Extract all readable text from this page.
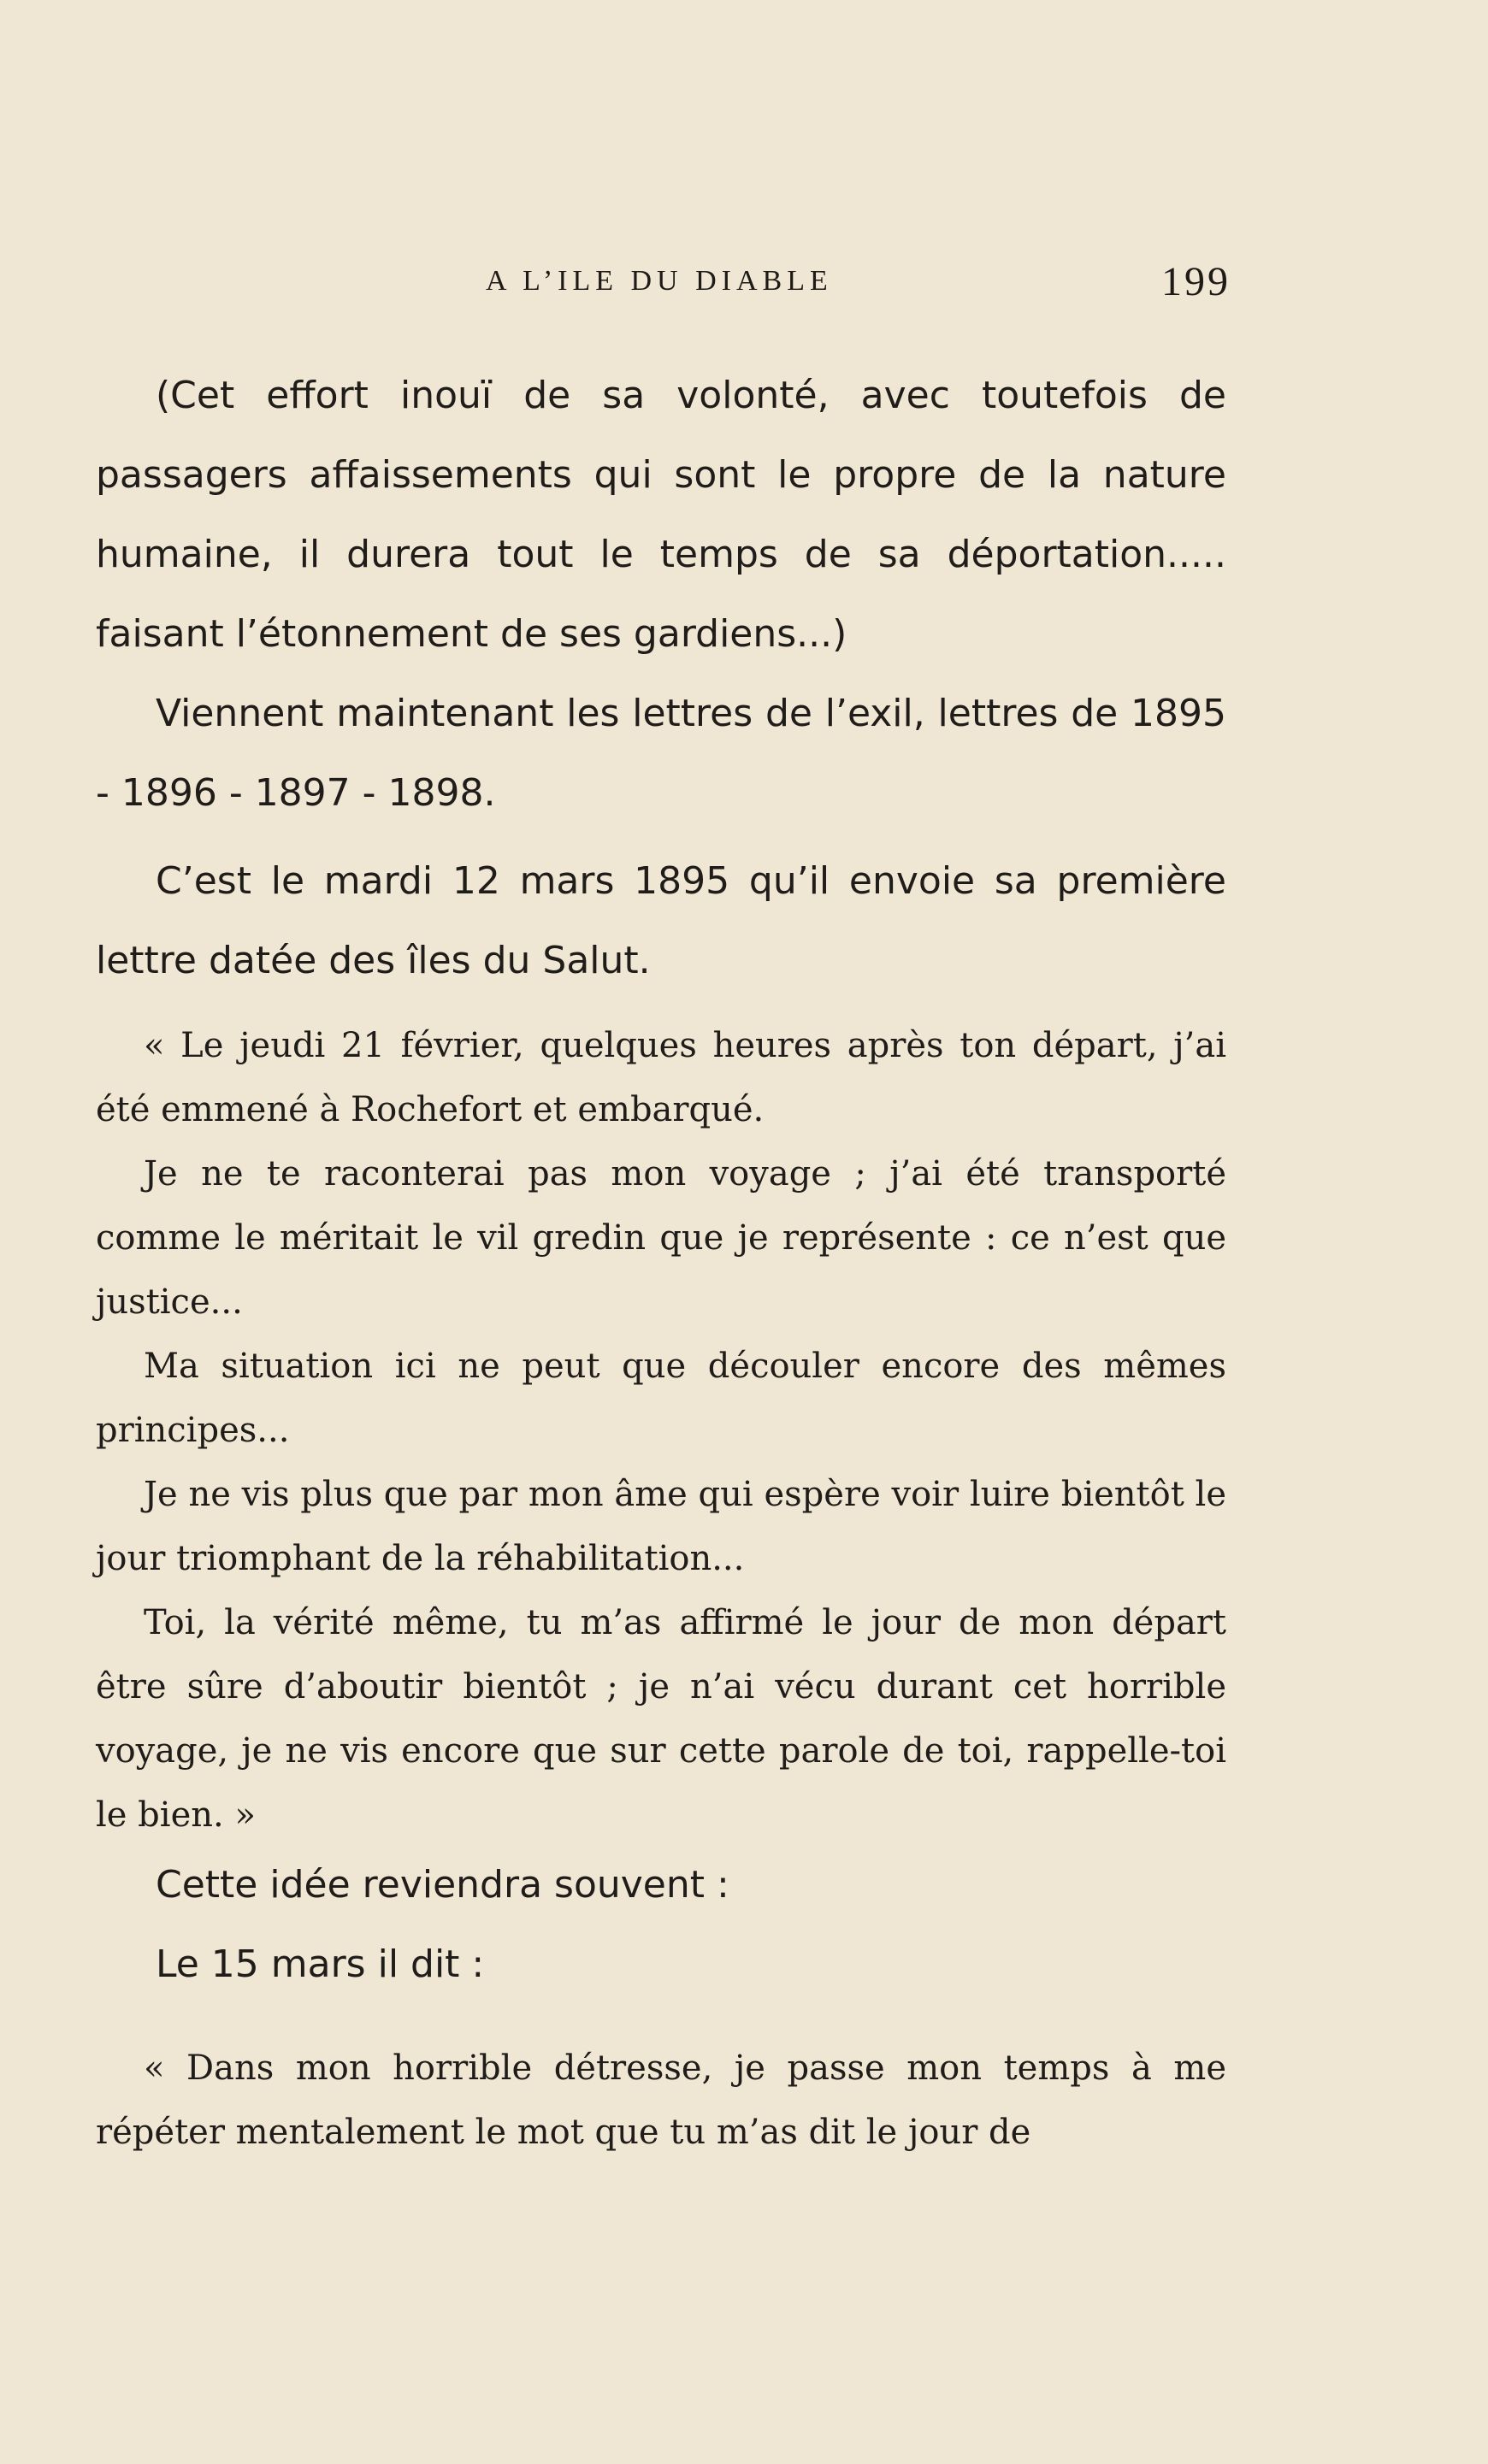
A L’ILE DU DIABLE	199

(Cet effort inouï de sa volonté, avec toutefois de passagers affaissements qui sont le propre de la nature humaine, il durera tout le temps de sa déportation..... faisant l’étonnement de ses gardiens...)

Viennent maintenant les lettres de l’exil, lettres de 1895 - 1896 - 1897 - 1898.

C’est le mardi 12 mars 1895 qu’il envoie sa première lettre datée des îles du Salut.

« Le jeudi 21 février, quelques heures après ton départ, j’ai été emmené à Rochefort et embarqué.

Je ne te raconterai pas mon voyage ; j’ai été transporté comme le méritait le vil gredin que je représente : ce n’est que justice...

Ma situation ici ne peut que découler encore des mêmes principes...

Je ne vis plus que par mon âme qui espère voir luire bientôt le jour triomphant de la réhabilitation...

Toi, la vérité même, tu m’as affirmé le jour de mon départ être sûre d’aboutir bientôt ; je n’ai vécu durant cet horrible voyage, je ne vis encore que sur cette parole de toi, rappelle-toi le bien. »

Cette idée reviendra souvent :

Le 15 mars il dit :

« Dans mon horrible détresse, je passe mon temps à me répéter mentalement le mot que tu m’as dit le jour de
